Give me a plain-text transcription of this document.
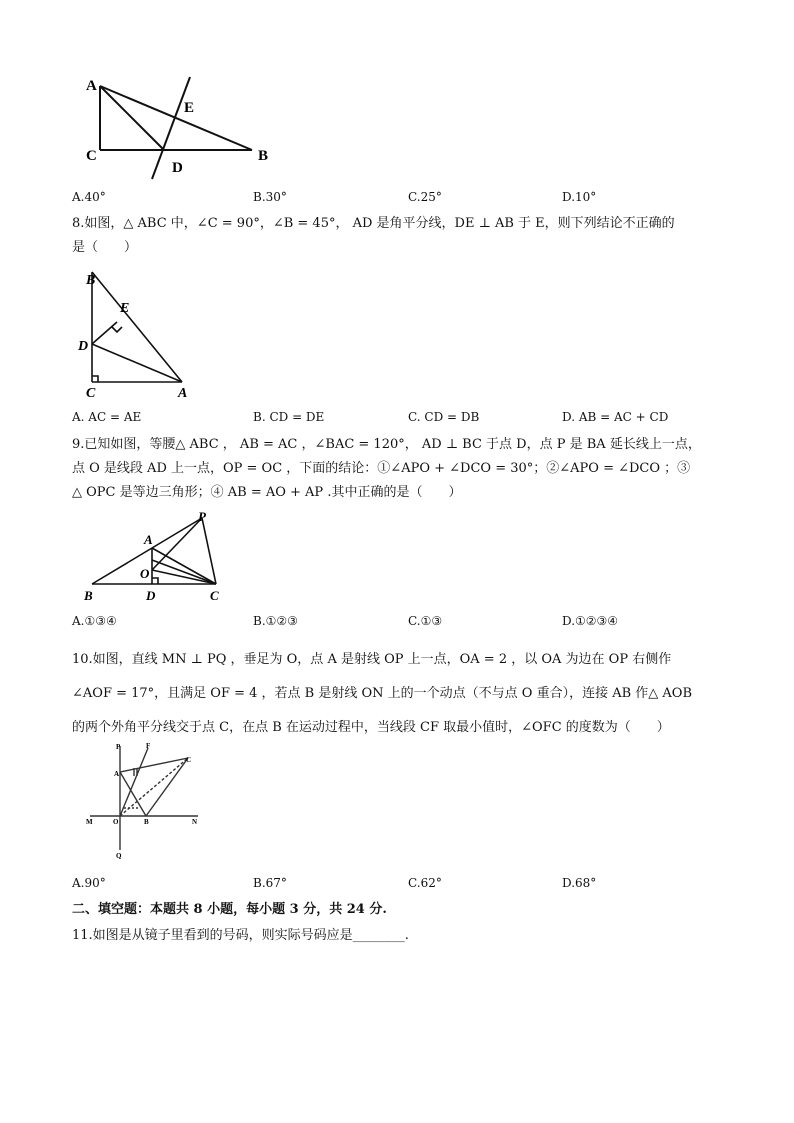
A
C
D
E
B
A.40°	B.30°	C.25°	D.10°
8.如图，△ ABC 中，∠C = 90°，∠B = 45°， AD 是角平分线，DE ⊥ AB 于 E，则下列结论不正确的
是（　　）
B
E
D
C	A
A. AC = AE	B. CD = DE	C. CD = DB	D. AB = AC + CD
9.已知如图，等腰△ ABC ， AB = AC ，∠BAC = 120°， AD ⊥ BC 于点 D，点 P 是 BA 延长线上一点，
点 O 是线段 AD 上一点，OP = OC ，下面的结论：①∠APO + ∠DCO = 30°；②∠APO = ∠DCO ；③
△ OPC 是等边三角形；④ AB = AO + AP .其中正确的是（　　）
P
A
O
B	D	C
A.①③④	B.①②③	C.①③	D.①②③④
10.如图，直线 MN ⊥ PQ ，垂足为 O，点 A 是射线 OP 上一点，OA = 2 ，以 OA 为边在 OP 右侧作
∠AOF = 17°，且满足 OF = 4 ，若点 B 是射线 ON 上的一个动点（不与点 O 重合），连接 AB 作△ AOB
的两个外角平分线交于点 C，在点 B 在运动过程中，当线段 CF 取最小值时，∠OFC 的度数为（　　）
P	F
C
A
M	O	B	N
Q
A.90°	B.67°	C.62°	D.68°
二、填空题：本题共 8 小题，每小题 3 分，共 24 分.
11.如图是从镜子里看到的号码，则实际号码应是________.
